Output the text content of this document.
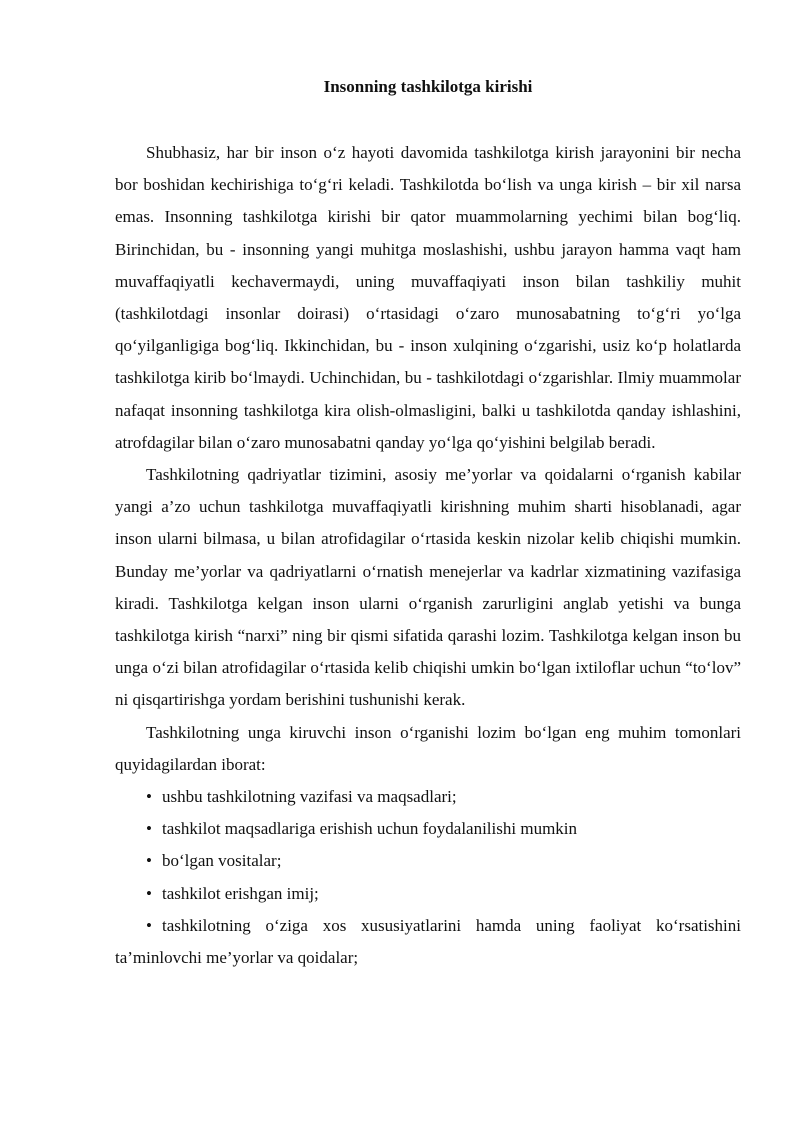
Insonning tashkilotga kirishi

Shubhasiz, har bir inson o‘z hayoti davomida tashkilotga kirish jarayonini bir necha bor boshidan kechirishiga to‘g‘ri keladi. Tashkilotda bo‘lish va unga kirish – bir xil narsa emas. Insonning tashkilotga kirishi bir qator muammolarning yechimi bilan bog‘liq. Birinchidan, bu - insonning yangi muhitga moslashishi, ushbu jarayon hamma vaqt ham muvaffaqiyatli kechavermaydi, uning muvaffaqiyati inson bilan tashkiliy muhit (tashkilotdagi insonlar doirasi) o‘rtasidagi o‘zaro munosabatning to‘g‘ri yo‘lga qo‘yilganligiga bog‘liq. Ikkinchidan, bu - inson xulqining o‘zgarishi, usiz ko‘p holatlarda tashkilotga kirib bo‘lmaydi. Uchinchidan, bu - tashkilotdagi o‘zgarishlar. Ilmiy muammolar nafaqat insonning tashkilotga kira olish-olmasligini, balki u tashkilotda qanday ishlashini, atrofdagilar bilan o‘zaro munosabatni qanday yo‘lga qo‘yishini belgilab beradi.

Tashkilotning qadriyatlar tizimini, asosiy me’yorlar va qoidalarni o‘rganish kabilar yangi a’zo uchun tashkilotga muvaffaqiyatli kirishning muhim sharti hisoblanadi, agar inson ularni bilmasa, u bilan atrofidagilar o‘rtasida keskin nizolar kelib chiqishi mumkin. Bunday me’yorlar va qadriyatlarni o‘rnatish menejerlar va kadrlar xizmatining vazifasiga kiradi. Tashkilotga kelgan inson ularni o‘rganish zarurligini anglab yetishi va bunga tashkilotga kirish “narxi” ning bir qismi sifatida qarashi lozim. Tashkilotga kelgan inson bu unga o‘zi bilan atrofidagilar o‘rtasida kelib chiqishi umkin bo‘lgan ixtiloflar uchun “to‘lov” ni qisqartirishga yordam berishini tushunishi kerak.

Tashkilotning unga kiruvchi inson o‘rganishi lozim bo‘lgan eng muhim tomonlari quyidagilardan iborat:

• ushbu tashkilotning vazifasi va maqsadlari;
• tashkilot maqsadlariga erishish uchun foydalanilishi mumkin
• bo‘lgan vositalar;
• tashkilot erishgan imij;
• tashkilotning o‘ziga xos xususiyatlarini hamda uning faoliyat ko‘rsatishini ta’minlovchi me’yorlar va qoidalar;
